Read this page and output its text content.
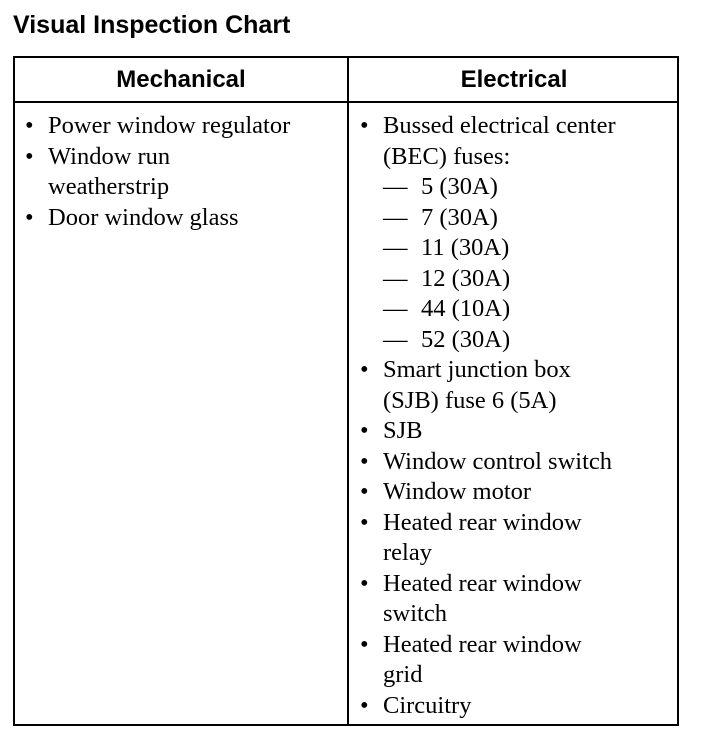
Visual Inspection Chart
Mechanical	Electrical
• Power window regulator
• Window run
weatherstrip
• Door window glass
• Bussed electrical center
(BEC) fuses:
— 5 (30A)
— 7 (30A)
— 11 (30A)
— 12 (30A)
— 44 (10A)
— 52 (30A)
• Smart junction box
(SJB) fuse 6 (5A)
• SJB
• Window control switch
• Window motor
• Heated rear window
relay
• Heated rear window
switch
• Heated rear window
grid
• Circuitry
